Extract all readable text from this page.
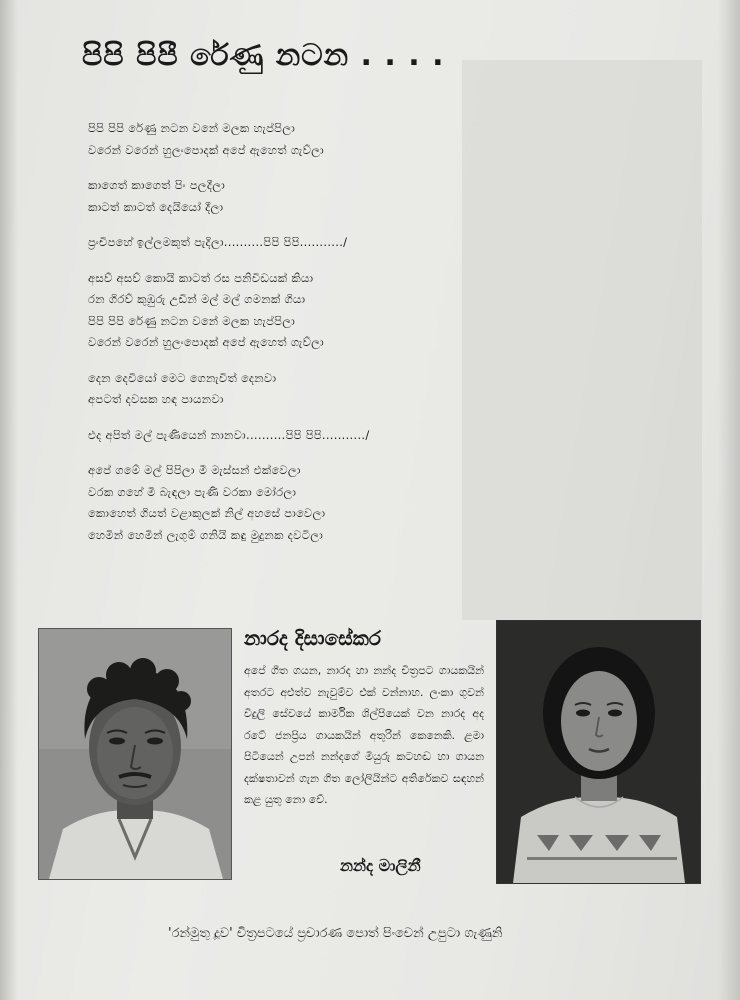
පිපි පිපී රේණු නටන . . . .
පිපි පිපි රේණු නටන වනේ මලක හැප්පිලා
වරෙන් වරෙන් හුලංපොදක් අපේ ඇහෙත් ගැව්ලා
කාගෙත් කාගෙත් පිං පලදීලා
කාටත් කාටත් දෙයියෝ දීලා
ප්‍රංචිපහේ ඉල්ලමකුත් පැදිලා..........පිපි පිපි.........../
අසව් අසව් කොයි කාටත් රස පනිවිඩයක් කියා
රන ගිරව් කුඹුරු උඩින් මල් මල් ගමනක් ගියා
පිපි පිපි රේණු නටන වනේ මලක හැප්පිලා
වරෙන් වරෙන් හුලංපොදක් අපේ ඇහෙත් ගැව්ලා
දෙන දෙවියෝ මෙට ගෙනැවිත් දෙනවා
අපටත් දවසක හඳ පායනවා
එද අපිත් මල් පැණියෙන් නානවා..........පිපි පිපි.........../
අපේ ගමේ මල් පිපිලා මී මැස්සන් එක්වෙලා
වරක ගහේ මී බැඳලා පැණි වරකා මෝරලා
කොහෙත් ගියත් වළාකුලක් නිල් අහසේ පාවෙලා
හෙමින් හෙමින් ලැගුම් ගනියි කඳු මුදුනක දවටිලා
නාරද දිසාසේකර
අපේ ගීත ගයන, නාරද හා නන්ද චිත්‍රපට ගායකයින් අතරට අළුත්ව නැවුම්ව එක් වන්නාහ. ලංකා ගුවන් විදුලි සේවයේ කාර්මික ශිල්පියෙක් වන නාරද අද රටේ ජනප්‍රිය ගායකයින් අතුරින් කෙනෙකි. ළමා පිටියෙන් උපන් නන්දගේ මියුරු කටහඬ හා ගායන දක්ෂතාවන් ගැන ගීත ලෝලියින්ට අතිරේකව සඳහන් කළ යුතු නො වේ.
නන්ද මාලිනී
'රන්මුතු දූව' චිත්‍රපටයේ ප්‍රචාරණ පොත් පිංචෙන් උපුටා ගැණුනි
